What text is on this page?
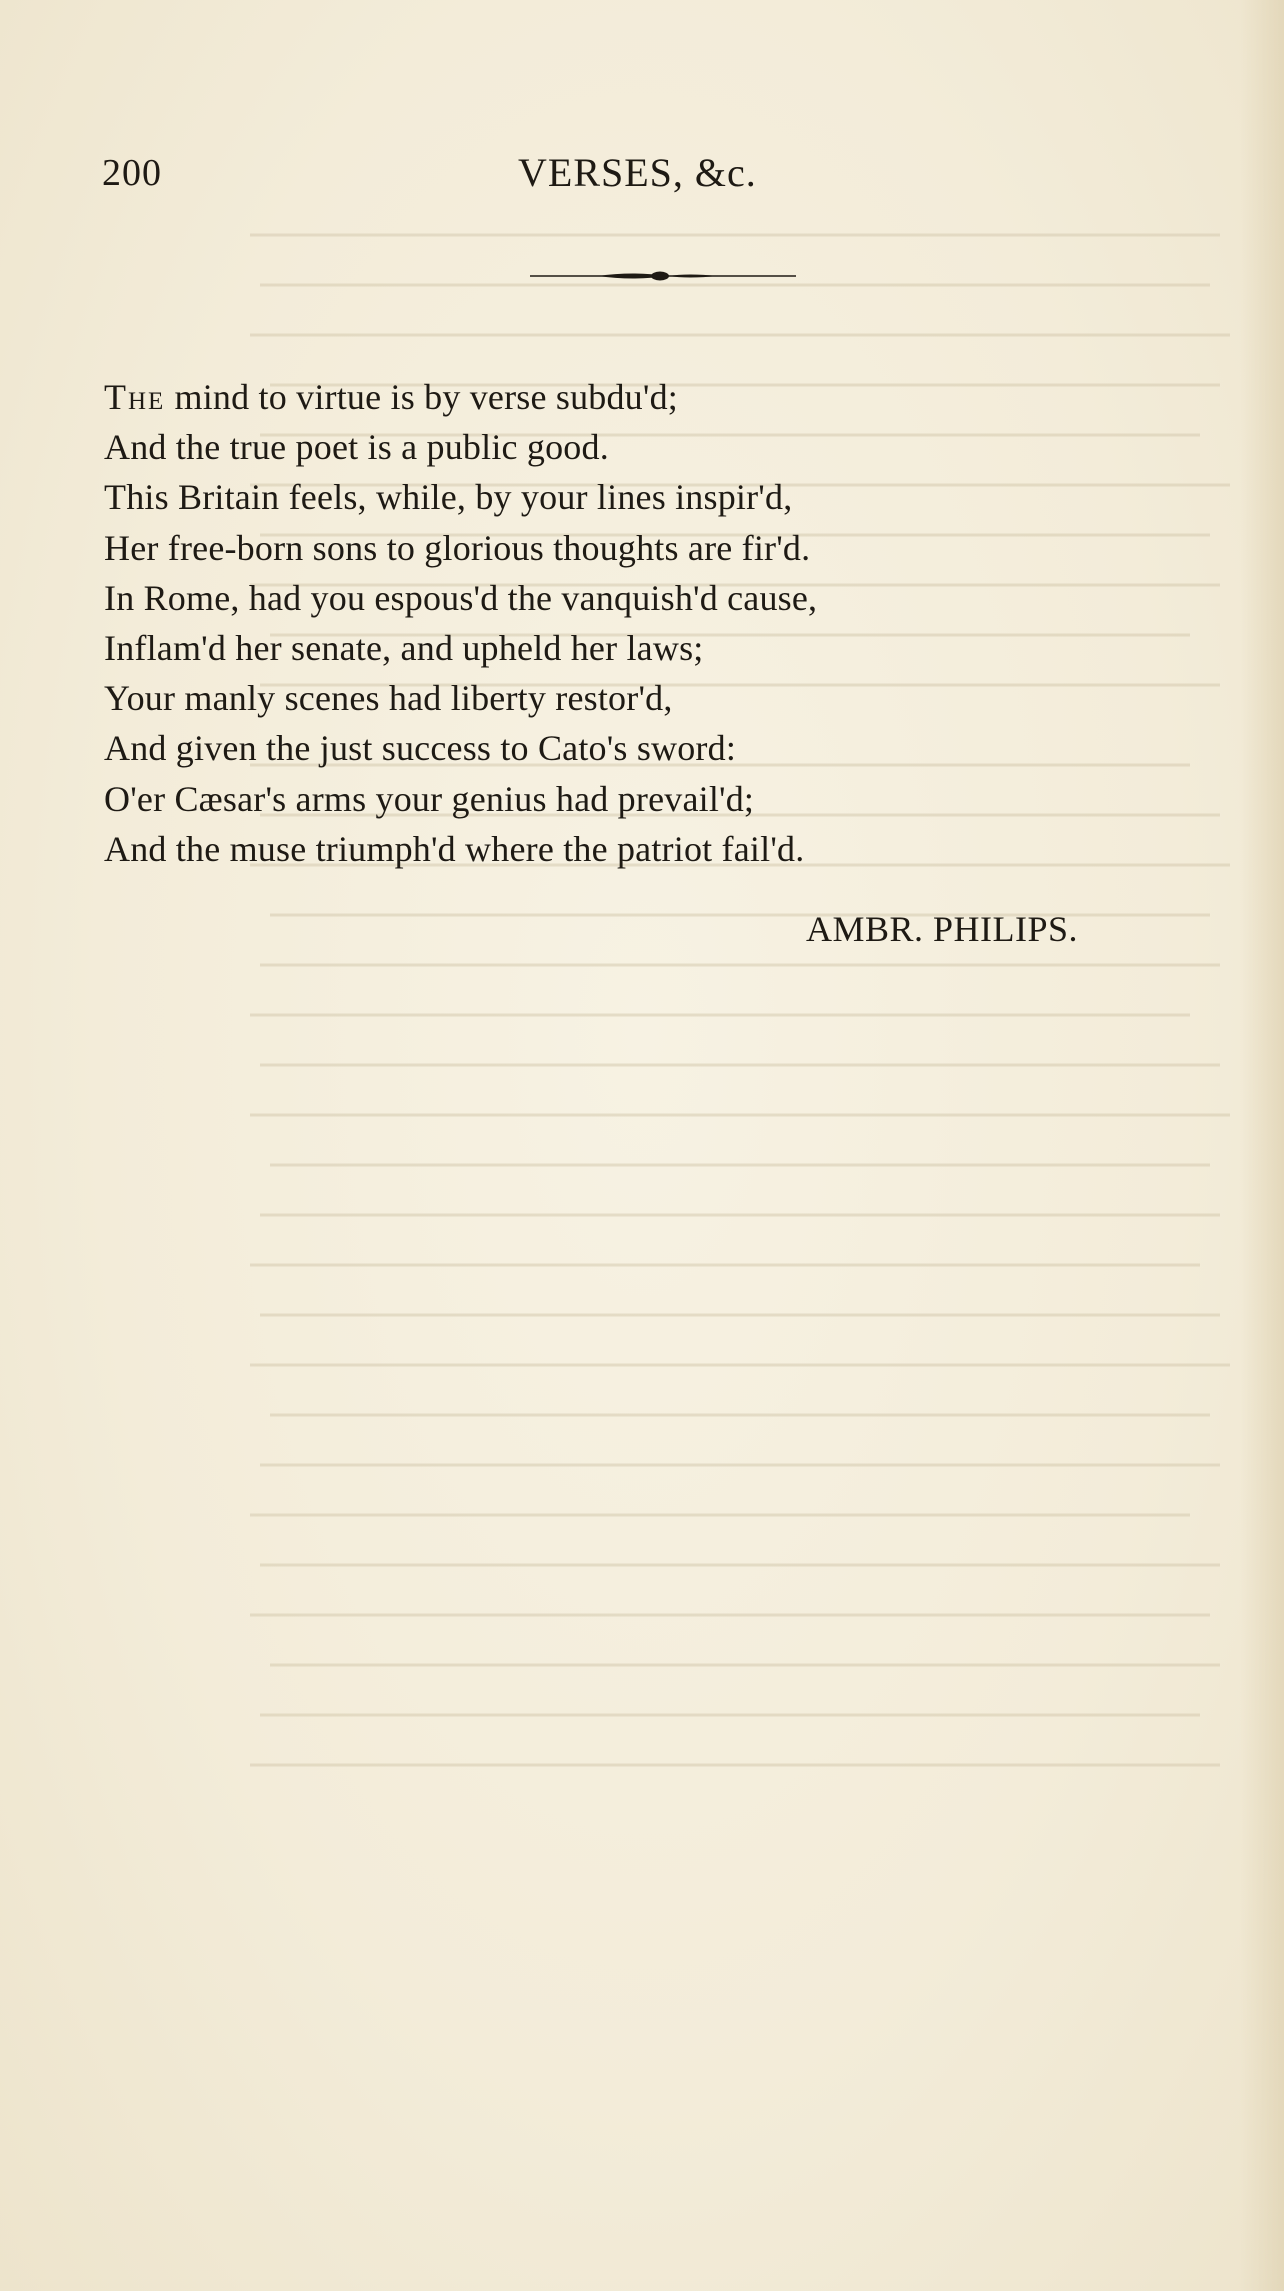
200	VERSES, &c.
The mind to virtue is by verse subdu'd;
And the true poet is a public good.
This Britain feels, while, by your lines inspir'd,
Her free-born sons to glorious thoughts are fir'd.
In Rome, had you espous'd the vanquish'd cause,
Inflam'd her senate, and upheld her laws;
Your manly scenes had liberty restor'd,
And given the just success to Cato's sword:
O'er Cæsar's arms your genius had prevail'd;
And the muse triumph'd where the patriot fail'd.
AMBR. PHILIPS.
